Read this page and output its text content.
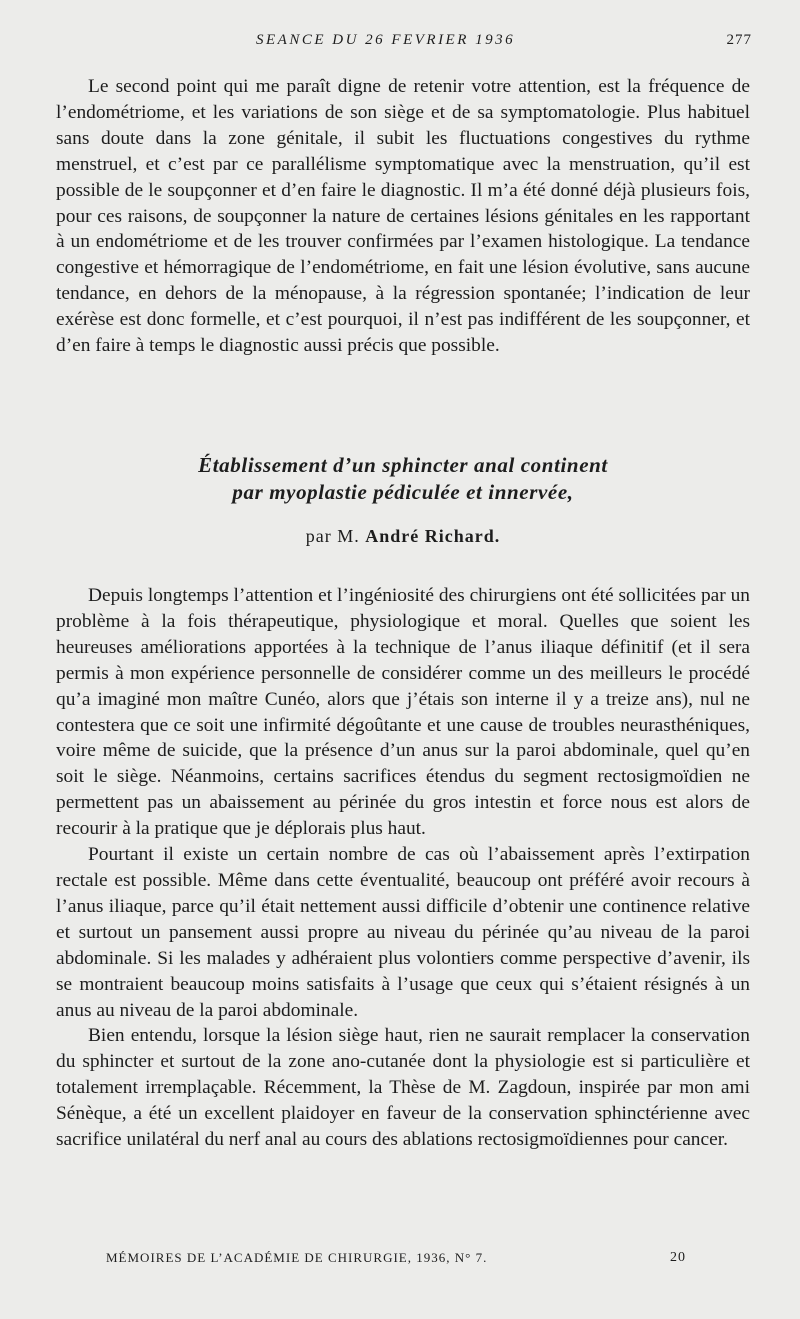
SEANCE DU 26 FEVRIER 1936	277

Le second point qui me paraît digne de retenir votre attention, est la fréquence de l’endométriome, et les variations de son siège et de sa symptomatologie. Plus habituel sans doute dans la zone génitale, il subit les fluctuations congestives du rythme menstruel, et c’est par ce parallélisme symptomatique avec la menstruation, qu’il est possible de le soupçonner et d’en faire le diagnostic. Il m’a été donné déjà plusieurs fois, pour ces raisons, de soupçonner la nature de certaines lésions génitales en les rapportant à un endométriome et de les trouver confirmées par l’examen histologique. La tendance congestive et hémorragique de l’endométriome, en fait une lésion évolutive, sans aucune tendance, en dehors de la ménopause, à la régression spontanée; l’indication de leur exérèse est donc formelle, et c’est pourquoi, il n’est pas indifférent de les soupçonner, et d’en faire à temps le diagnostic aussi précis que possible.

Établissement d’un sphincter anal continent
par myoplastie pédiculée et innervée,
par M. André Richard.

Depuis longtemps l’attention et l’ingéniosité des chirurgiens ont été sollicitées par un problème à la fois thérapeutique, physiologique et moral. Quelles que soient les heureuses améliorations apportées à la technique de l’anus iliaque définitif (et il sera permis à mon expérience personnelle de considérer comme un des meilleurs le procédé qu’a imaginé mon maître Cunéo, alors que j’étais son interne il y a treize ans), nul ne contestera que ce soit une infirmité dégoûtante et une cause de troubles neurasthéniques, voire même de suicide, que la présence d’un anus sur la paroi abdominale, quel qu’en soit le siège. Néanmoins, certains sacrifices étendus du segment rectosigmoïdien ne permettent pas un abaissement au périnée du gros intestin et force nous est alors de recourir à la pratique que je déplorais plus haut.

Pourtant il existe un certain nombre de cas où l’abaissement après l’extirpation rectale est possible. Même dans cette éventualité, beaucoup ont préféré avoir recours à l’anus iliaque, parce qu’il était nettement aussi difficile d’obtenir une continence relative et surtout un pansement aussi propre au niveau du périnée qu’au niveau de la paroi abdominale. Si les malades y adhéraient plus volontiers comme perspective d’avenir, ils se montraient beaucoup moins satisfaits à l’usage que ceux qui s’étaient résignés à un anus au niveau de la paroi abdominale.

Bien entendu, lorsque la lésion siège haut, rien ne saurait remplacer la conservation du sphincter et surtout de la zone ano-cutanée dont la physiologie est si particulière et totalement irremplaçable. Récemment, la Thèse de M. Zagdoun, inspirée par mon ami Sénèque, a été un excellent plaidoyer en faveur de la conservation sphinctérienne avec sacrifice unilatéral du nerf anal au cours des ablations rectosigmoïdiennes pour cancer.

MÉMOIRES DE L’ACADÉMIE DE CHIRURGIE, 1936, N° 7.	20
